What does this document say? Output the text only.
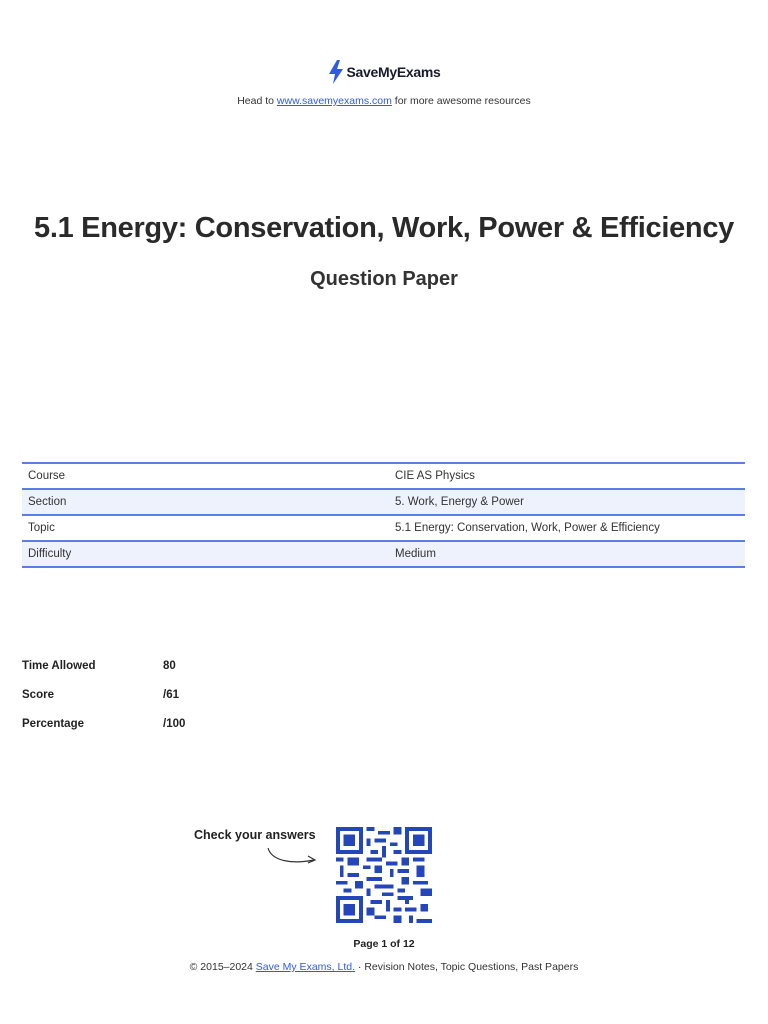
SaveMyExams
Head to www.savemyexams.com for more awesome resources
5.1 Energy: Conservation, Work, Power & Efficiency
Question Paper
Course	CIE AS Physics
Section	5. Work, Energy & Power
Topic	5.1 Energy: Conservation, Work, Power & Efficiency
Difficulty	Medium
Time Allowed	80
Score	/61
Percentage	/100
Check your answers
Page 1 of 12
© 2015–2024 Save My Exams, Ltd. · Revision Notes, Topic Questions, Past Papers
